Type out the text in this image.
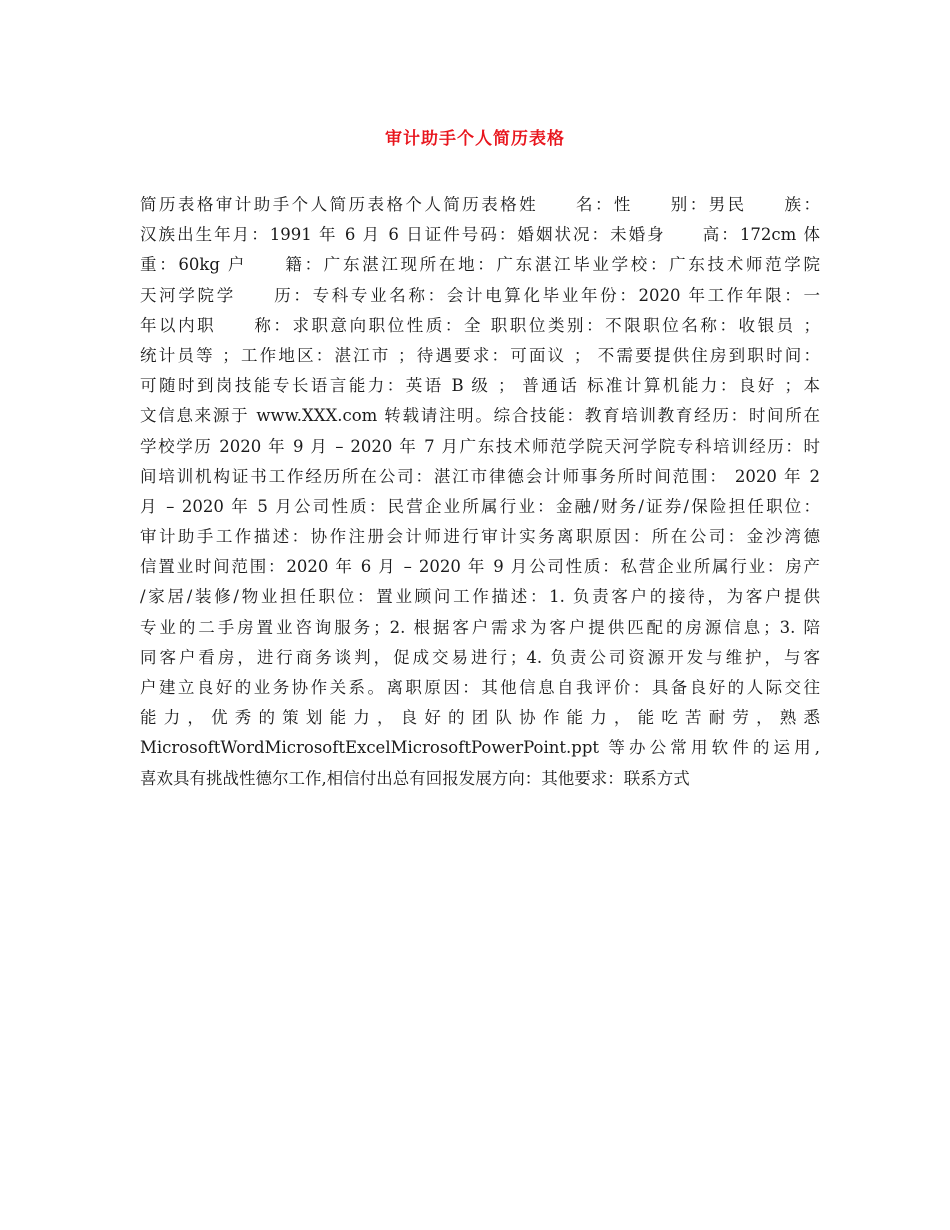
审计助手个人简历表格
简历表格审计助手个人简历表格个人简历表格姓　　名：性　　别：男民　　族：
汉族出生年月：1991 年 6 月 6 日证件号码：婚姻状况：未婚身　　高：172cm 体
重：60kg 户　　籍：广东湛江现所在地：广东湛江毕业学校：广东技术师范学院
天河学院学　　历：专科专业名称：会计电算化毕业年份：2020 年工作年限：一
年以内职　　称：求职意向职位性质：全 职职位类别：不限职位名称：收银员 ；
统计员等 ；工作地区：湛江市 ；待遇要求：可面议 ； 不需要提供住房到职时间：
可随时到岗技能专长语言能力：英语 B 级 ； 普通话 标准计算机能力：良好 ；本
文信息来源于 www.XXX.com 转载请注明。综合技能：教育培训教育经历：时间所在
学校学历 2020 年 9 月 – 2020 年 7 月广东技术师范学院天河学院专科培训经历：时
间培训机构证书工作经历所在公司：湛江市律德会计师事务所时间范围： 2020 年 2
月 – 2020 年 5 月公司性质：民营企业所属行业：金融/财务/证券/保险担任职位：
审计助手工作描述：协作注册会计师进行审计实务离职原因：所在公司：金沙湾德
信置业时间范围：2020 年 6 月 – 2020 年 9 月公司性质：私营企业所属行业：房产
/家居/装修/物业担任职位：置业顾问工作描述：1. 负责客户的接待，为客户提供
专业的二手房置业咨询服务；2. 根据客户需求为客户提供匹配的房源信息；3. 陪
同客户看房，进行商务谈判，促成交易进行；4. 负责公司资源开发与维护，与客
户建立良好的业务协作关系。离职原因：其他信息自我评价：具备良好的人际交往
能 力 ， 优 秀 的 策 划 能 力 ， 良 好 的 团 队 协 作 能 力 ， 能 吃 苦 耐 劳 ， 熟 悉
MicrosoftWordMicrosoftExcelMicrosoftPowerPoint.ppt 等办公常用软件的运用,
喜欢具有挑战性德尔工作,相信付出总有回报发展方向：其他要求：联系方式
